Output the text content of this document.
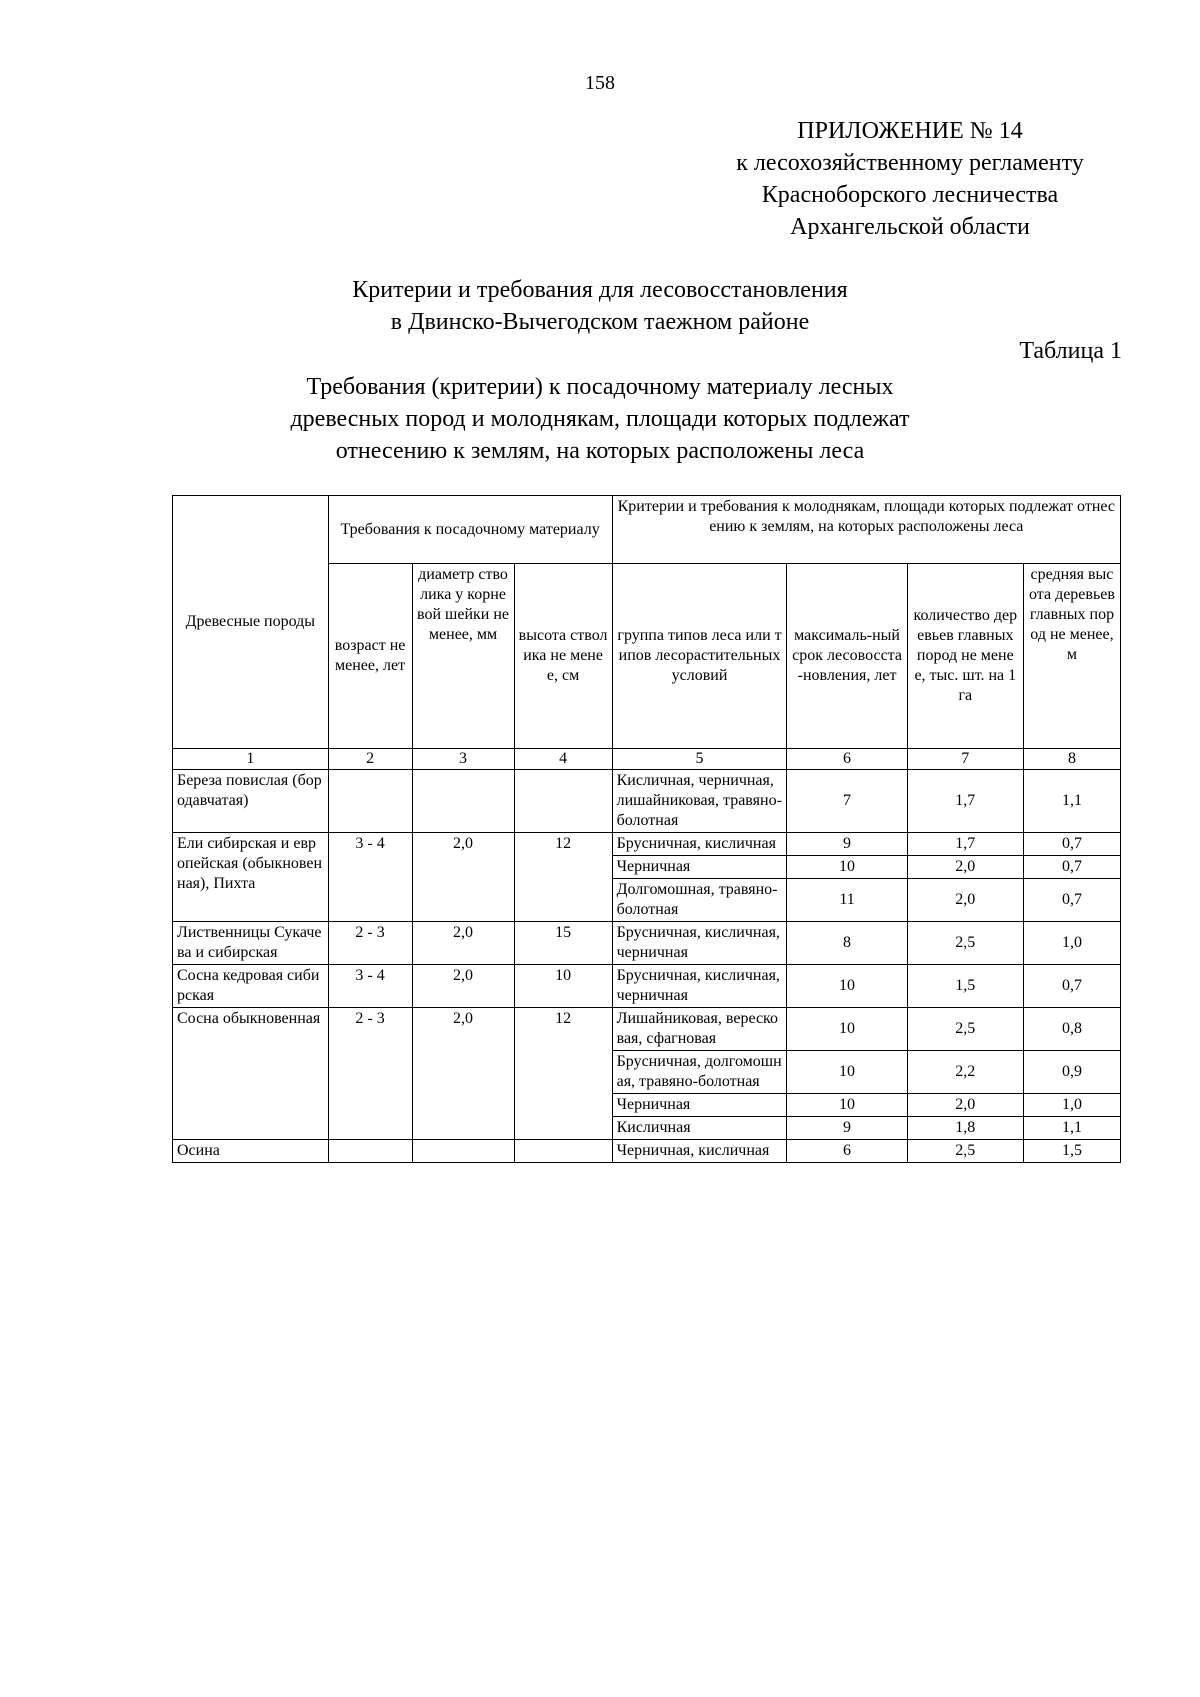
158
ПРИЛОЖЕНИЕ № 14
к лесохозяйственному регламенту
Красноборского лесничества
Архангельской области
Критерии и требования для лесовосстановления
в Двинско-Вычегодском таежном районе
Таблица 1
Требования (критерии) к посадочному материалу лесных
древесных пород и молоднякам, площади которых подлежат
отнесению к землям, на которых расположены леса
Древесные породы	Требования к посадочному материалу			Критерии и требования к молоднякам, площади которых подлежат отнесению к землям, на которых расположены леса			
	возраст не менее, лет	диаметр стволика у корневой шейки не менее, мм	высота стволика не менее, см	группа типов леса или типов лесорастительных условий	максималь-ный срок лесовосста-новления, лет	количество деревьев главных пород не менее, тыс. шт. на 1 га	средняя высота деревьев главных пород не менее, м
1	2	3	4	5	6	7	8
Береза повислая (бородавчатая)				Кисличная, черничная, лишайниковая, травяно-болотная	7	1,7	1,1
Ели сибирская и европейская (обыкновенная), Пихта	3 - 4	2,0	12	Брусничная, кисличная	9	1,7	0,7
				Черничная	10	2,0	0,7
				Долгомошная, травяно-болотная	11	2,0	0,7
Лиственницы Сукачева и сибирская	2 - 3	2,0	15	Брусничная, кисличная, черничная	8	2,5	1,0
Сосна кедровая сибирская	3 - 4	2,0	10	Брусничная, кисличная, черничная	10	1,5	0,7
Сосна обыкновенная	2 - 3	2,0	12	Лишайниковая, вересковая, сфагновая	10	2,5	0,8
				Брусничная, долгомошная, травяно-болотная	10	2,2	0,9
				Черничная	10	2,0	1,0
				Кисличная	9	1,8	1,1
Осина				Черничная, кисличная	6	2,5	1,5
